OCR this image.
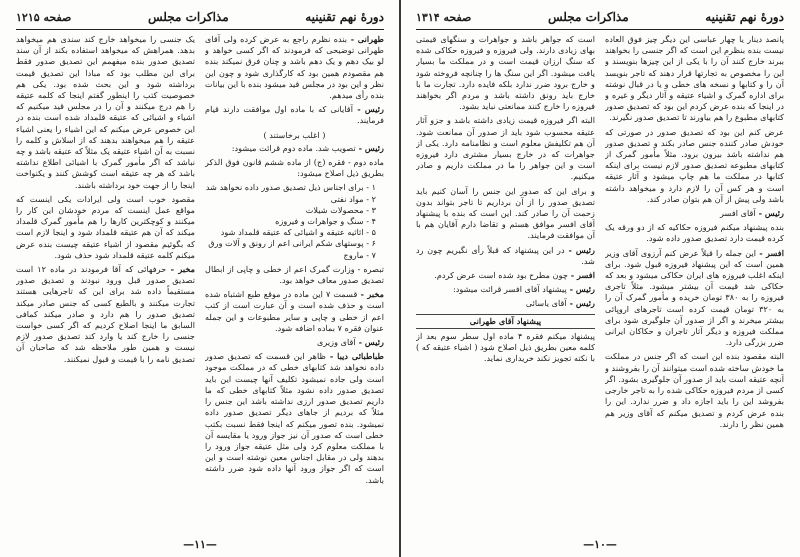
دورهٔ نهم تقنینیه
مذاکرات مجلس
صفحه ۱۲۱۵

طهرانی - بنده نظرم راجع به عرض کرده ولی آقای طهرانی توضیحی که فرمودند که اگر کسی خواهد و لو بیک دهم و یک دهم باشد و چنان فرق نمیکند بنده هم مقصودم همین بود که کارگذاری شود و چون این نظر و این بود در مجلس قید میشود بنده با این بیانات بنده رأی میدهم.

رئیس - آقایانی که با ماده اول موافقت دارند قیام فرمایند.

( اغلب برخاستند )

رئیس - تصویب شد. ماده دوم قرائت میشود:

ماده دوم - فقره (ج) از ماده ششم قانون فوق الذکر بطریق ذیل اصلاح میشود:

۱ - برای اجناس ذیل تصدیق صدور داده نخواهد شد
۲ - مواد نفتی
۳ - محصولات شیلات
۴ - سنگ و جواهرات و فیروزه
۵ - اثاثیه عتیقه و اشیائی که عتیقه قلمداد شود
۶ - پوستهای شکم ایرانی اعم از رونق و آلات ورق
۷ - ماروج

تبصره - وزارت گمرک اعم از خطی و چاپی از ابطال تصدیق صدور معاف خواهد بود.

مخبر - قسمت ۷ این ماده در موقع طبع اشتباه شده است و حذف شده است و آن عبارت است از کتب اعم از خطی و چاپی و سایر مطبوعات و این جمله عنوان فقره ۷ بماده اضافه شود.

رئیس - آقای وزیری

طباطبائی دیبا - ظاهر این قسمت که تصدیق صدور داده نخواهد شد کتابهای خطی که در مملکت موجود است ولی جاده نمیشود تکلیف آنها چیست این باید تصدیق صدور داده نشود مثلاً کتابهای خطی که ما داریم تصدیق صدور ارزی نداشته باشد این جنس را مثلاً که بردیم از جاهای دیگر تصدیق صدور داده نمیشود. بنده تصور میکنم که اینجا فقط نسبت بکتب خطی است که صدور آن نیز جواز ورود یا مقایسه آن با مملکت معلوم کرد ولی مثل عتیقه جواز ورود را بدهند ولی در مقابل اجناس معین نوشته است و این است که اگر جواز ورود آنها داده شود ضرر داشته باشد.

یک جنسی را میخواهد خارج کند سندی هم میخواهد بدهد. همراهش که میخواهد استفاده بکند از آن سند تصدیق صدور بنده میفهمم این تصدیق صدور فقط برای این مطلب بود که مبادا این تصدیق قیمت برداشته شود و این بحث شده بود. یکی هم خصوصیت کتب را اینطور گفتم اینجا که کلمه عتیقه را هم درج میکنند و آن را در مجلس قید میکنیم که اشیاء و اشیائی که عتیقه قلمداد شده است بنده در این خصوص عرض میکنم که این اشیاء را یعنی اشیاء عتیقه را هم میخواهند بدهند که از اسلاش و کلمه را نسبت به آن اشیاء عتیقه یک مثلاً که عتیقه باشد و چه نباشد که اگر مأمور گمرک با اشیائی اطلاع نداشته باشد که هر چه عتیقه است کوشش کنند و یکنواخت اینجا را از جهت خود برداشته باشند.

مقصود خوب است ولی ایرادات یکی اینست که مواقع عمل اینست که مردم خودشان این کار را میکنند و کوچکترین کارها را هم مأمور گمرک قلمداد میکند که آن هم عتیقه قلمداد شود و اینجا لازم است که بگوئیم مقصود از اشیاء عتیقه چیست بنده عرض میکنم کلمه عتیقه قلمداد شود حذف شود.

مخبر - حرفهائی که آقا فرمودند در ماده ۱۲ است تصدیق صدور قبل ورود نبودند و تصدیق صدور مستقیماً داده شد برای این که تاجرهایی هستند تجارت میکنند و بالطبع کسی که جنس صادر میکند تصدیق صدور را هم دارد و صادر میکند کمافی السابق ما اینجا اصلاح کردیم که اگر کسی خواست جنسی را خارج کند یا وارد کند تصدیق صدور لازم نیست و همین طور ملاحظه شد که صاحبان آن تصدیق نامه را با قیمت و قبول نمیکنند.

—۱۱—
دورهٔ نهم تقنینیه
مذاکرات مجلس
صفحه ۱۳۱۴

پانصد دینار یا چهار عباسی این دیگر چیز فوق العاده نیست بنده بنظرم این است که اگر جنسی را بخواهند ببرند خارج کنند آن را با یکی از این چیزها بنویسند و این را مخصوص به تجارتها قرار دهند که تاجر بنویسد آن را و کتابها و نسخه های خطی و یا در قبال نوشته برای اداره گمرک و اشیاء عتیقه و آثار دیگر و غیره و در اینجا که بنده عرض کردم این بود که تصدیق صدور کتابهای مطبوع را هم بیاورند تا تصدیق صدور نگیرند.

عرض کنم این بود که تصدیق صدور در صورتی که خودش صادر کننده جنس صادر بکند و تصدیق صدور هم نداشته باشد بیرون برود. مثلاً مأمور گمرک از کتابهای مطبوعه تصدیق صدور لازم نیست برای اینکه کتابها در مملکت ما هم چاپ میشود و آثار عتیقه است و هر کس آن را لازم دارد و میخواهد داشته باشد ولی پیش از آن هم بتوان صادر کند.

رئیس - آقای افسر

بنده پیشنهاد میکنم فیروزه حکاکیه که از دو ورقه یک کرده قیمت دارد تصدیق صدور داده شود.

افسر - این جمله را قبلاً عرض کنم آرزوی آقای وزیر همین است که این پیشنهاد فیروزه قبول شود. برای اینکه اغلب فیروزه های ایران حکاکی میشود و بعد که حکاکی شد قیمت آن بیشتر میشود. مثلاً تاجری فیروزه را به ۳۸۰ تومان خریده و مأمور گمرک آن را به ۳۲۰ تومان قیمت کرده است تاجرهای اروپائی بیشتر میخرند و اگر از صدور آن جلوگیری شود برای مملکت فیروزه و دیگر آثار تاجران و حکاکان ایرانی ضرر بزرگی دارد.

البته مقصود بنده این است که اگر جنس در مملکت ما خودش ساخته شده است میتوانند آن را بفروشند و آنچه عتیقه است باید از صدور آن جلوگیری بشود. اگر کسی از مردم فیروزه حکاکی شده را به تاجر خارجی بفروشد این را باید اجازه داد و ضرر ندارد. این را بنده عرض کردم و تصدیق میکنم که آقای وزیر هم همین نظر را دارند.

است که جواهر باشد و جواهرات و سنگهای قیمتی بهای زیادی دارند. ولی فیروزه و فیروزه حکاکی شده که سنگ ارزان قیمت است و در مملکت ما بسیار یافت میشود. اگر این سنگ ها را چنانچه فروخته شود و خارج برود ضرر ندارد بلکه فایده دارد. تجارت ما با خارج باید رونق داشته باشد و مردم اگر بخواهند فیروزه را خارج کنند ممانعتی نباید بشود.

البته اگر فیروزه قیمت زیادی داشته باشد و جزو آثار عتیقه محسوب شود باید از صدور آن ممانعت شود. آن هم تکلیفش معلوم است و نظامنامه دارد. یکی از جواهرات که در خارج بسیار مشتری دارد فیروزه است و این جواهر را ما در مملکت داریم و صادر میکنیم.

و برای این که صدور این جنس را آسان کنیم باید تصدیق صدور را از آن برداریم تا تاجر بتواند بدون زحمت آن را صادر کند. این است که بنده با پیشنهاد آقای افسر موافق هستم و تقاضا دارم آقایان هم با آن موافقت فرمایند.

رئیس - در این پیشنهاد که قبلاً رأی نگیریم چون رد شد.

افسر - چون مطرح بود شده است عرض کردم.

رئیس - پیشنهاد آقای افسر قرائت میشود:

رئیس - آقای یاسائی

پیشنهاد آقای طهرانی

پیشنهاد میکنم فقره ۴ ماده اول سطر سوم بعد از کلمه معین بطریق ذیل اصلاح شود ( اشیاء عتیقه که ) با نکته تجویز نکند خریداری نماید.

—۱۰—
